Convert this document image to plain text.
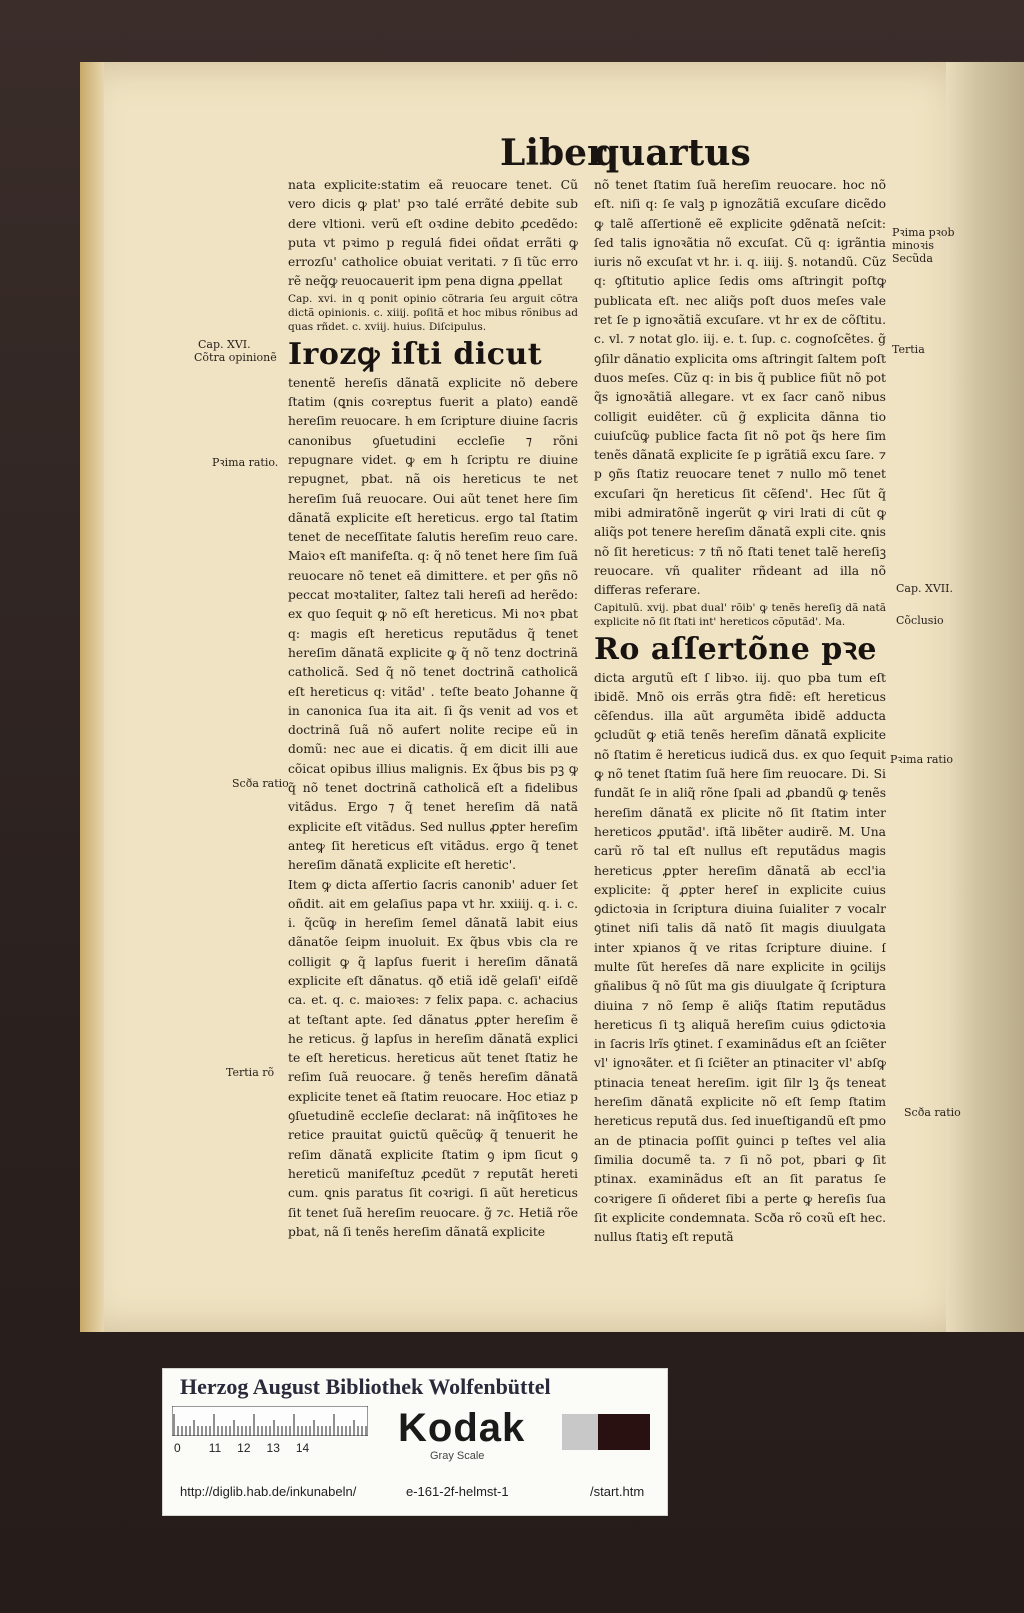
Liber
quartus

nata explicite:statim eã reuocare tenet. Cũ vero dicis ꝙ plat' pꝛo talé errãté debite sub dere vltioni. verũ eſt oꝛdine debito ꝓcedẽdo: puta vt pꝛimo p regulá fidei oñdat errãti ꝙ errozſu' catholice obuiat veritati. ⁊ ſi tũc erro rẽ neq̃ꝙ reuocauerit ipm pena digna ꝓpellat

Cap. xvi. in q ponit opinio cõtraria ſeu arguit cõtra dictã opinionis. c. xiiij. poſitã et hoc mibus rõnibus ad quas rñdet. c. xviij. huius. Diſcipulus.

Irozꝙ iſti dicut

tenentẽ hereſis dãnatã explicite nõ debere ſtatim (ꝗnis coꝛreptus fuerit a plato) eandẽ hereſim reuocare. h em ſcripture diuine ſacris canonibus ꝯſuetudini eccleſie ⁊ rõni repugnare videt. ꝙ em h ſcriptu re diuine repugnet, pbat. nã ois hereticus te net hereſim ſuã reuocare. Oui aũt tenet here ſim dãnatã explicite eſt hereticus. ergo tal ſtatim tenet de neceſſitate ſalutis hereſim reuo care. Maioꝛ eſt manifeſta. q: q̃ nõ tenet here ſim ſuã reuocare nõ tenet eã dimittere. et per ꝯñs nõ peccat moꝛtaliter, ſaltez tali hereſi ad herẽdo: ex quo ſequit ꝙ nõ eſt hereticus. Mi noꝛ pbat q: magis eſt hereticus reputãdus q̃ tenet hereſim dãnatã explicite ꝙ q̃ nõ tenz doctrinã catholicã. Sed q̃ nõ tenet doctrinã catholicã eſt hereticus q: vitãd' . teſte beato Johanne q̃ in canonica ſua ita ait. ſi q̃s venit ad vos et doctrinã ſuã nõ aufert nolite recipe eũ in domũ: nec aue ei dicatis. q̃ em dicit illi aue cõicat opibus illius malignis. Ex q̃bus bis pꝫ ꝙ q̃ nõ tenet doctrinã catholicã eſt a fidelibus vitãdus. Ergo ⁊ q̃ tenet hereſim dã natã explicite eſt vitãdus. Sed nullus ꝓpter hereſim anteꝙ ſit hereticus eſt vitãdus. ergo q̃ tenet hereſim dãnatã explicite eſt heretic'.

Item ꝙ dicta aſſertio ſacris canonib' aduer ſet oñdit. ait em gelaſius papa vt hr. xxiiij. q. i. c. i. q̃cũꝙ in hereſim ſemel dãnatã labit eius dãnatõe ſeipm inuoluit. Ex q̃bus vbis cla re colligit ꝙ q̃ lapſus fuerit i hereſim dãnatã explicite eſt dãnatus. qð etiã idẽ gelaſi' eiſdẽ ca. et. q. c. maioꝛes: ⁊ felix papa. c. achacius at teſtant apte. ſed dãnatus ꝓpter hereſim ẽ he reticus. g̃ lapſus in hereſim dãnatã explici te eſt hereticus. hereticus aũt tenet ſtatiz he reſim ſuã reuocare. g̃ tenẽs hereſim dãnatã explicite tenet eã ſtatim reuocare. Hoc etiaz p ꝯſuetudinẽ eccleſie declarat: nã inq̃ſitoꝛes he retice prauitat ꝯuictũ quẽcũꝙ q̃ tenuerit he reſim dãnatã explicite ſtatim ꝯ ipm ſicut ꝯ hereticũ manifeſtuz ꝓcedũt ⁊ reputãt hereti cum. ꝗnis paratus ſit coꝛrigi. ſi aũt hereticus ſit tenet ſuã hereſim reuocare. g̃ ⁊c. Hetiã rõe pbat, nã ſi tenẽs hereſim dãnatã explicite

nõ tenet ſtatim ſuã hereſim reuocare. hoc nõ eſt. niſi q: ſe valꝫ p ignozãtiã excuſare dicẽdo ꝙ talẽ aſſertionẽ eẽ explicite ꝯdẽnatã neſcit: ſed talis ignoꝛãtia nõ excuſat. Cũ q: igrãntia iuris nõ excuſat vt hr. i. q. iiij. §. notandũ. Cũz q: ꝯſtitutio aplice ſedis oms aſtringit poſtꝙ publicata eſt. nec aliq̃s poſt duos meſes vale ret ſe p ignoꝛãtiã excuſare. vt hr ex de cõſtitu. c. vl. ⁊ notat glo. iij. e. t. ſup. c. cognoſcẽtes. g̃ ꝯſilr dãnatio explicita oms aſtringit ſaltem poſt duos meſes. Cũz q: in bis q̃ publice fiũt nõ pot q̃s ignoꝛãtiã allegare. vt ex ſacr canõ nibus colligit euidẽter. cũ g̃ explicita dãnna tio cuiuſcũꝙ publice facta ſit nõ pot q̃s here ſim tenẽs dãnatã explicite ſe p igrãtiã excu ſare. ⁊ p ꝯñs ſtatiz reuocare tenet ⁊ nullo mõ tenet excuſari q̃n hereticus ſit cẽſend'. Hec ſũt q̃ mibi admiratõnẽ ingerũt ꝙ viri lrati di cũt ꝙ aliq̃s pot tenere hereſim dãnatã expli cite. ꝗnis nõ ſit hereticus: ⁊ tñ nõ ſtati tenet talẽ hereſiꝫ reuocare. vñ qualiter rñdeant ad illa nõ differas referare.

Capitulũ. xvij. pbat dual' rõib' ꝙ tenẽs hereſiꝫ dã natã explicite nõ ſit ſtati int' hereticos cõputãd'. Ma.

Ro aſſertõne pꝛe

dicta argutũ eſt ſ libꝛo. iij. quo pba tum eſt ibidẽ. Mnõ ois errãs ꝯtra fidẽ: eſt hereticus cẽſendus. illa aũt argumẽta ibidẽ adducta ꝯcludũt ꝙ etiã tenẽs hereſim dãnatã explicite nõ ſtatim ẽ hereticus iudicã dus. ex quo ſequit ꝙ nõ tenet ſtatim ſuã here ſim reuocare. Di. Si fundãt ſe in aliq̃ rõne ſpali ad ꝓbandũ ꝙ tenẽs hereſim dãnatã ex plicite nõ ſit ſtatim inter hereticos ꝓputãd'. iſtã libẽter audirẽ. M. Una carũ rõ tal eſt nullus eſt reputãdus magis hereticus ꝓpter hereſim dãnatã ab eccl'ia explicite: q̃ ꝓpter hereſ in explicite cuius ꝯdictoꝛia in ſcriptura diuina ſuialiter ⁊ vocalr ꝯtinet niſi talis dã natõ ſit magis diuulgata inter xpianos q̃ ve ritas ſcripture diuine. ſ multe ſũt hereſes dã nare explicite in ꝯcilijs gñalibus q̃ nõ ſũt ma gis diuulgate q̃ ſcriptura diuina ⁊ nõ ſemp ẽ aliq̃s ſtatim reputãdus hereticus ſi tꝫ aliquã hereſim cuius ꝯdictoꝛia in ſacris lrĩs ꝯtinet. ſ examinãdus eſt an ſciẽter vl' ignoꝛãter. et ſi ſciẽter an ptinaciter vl' abſꝙ ptinacia teneat hereſim. igit ſilr lꝫ q̃s teneat hereſim dãnatã explicite nõ eſt ſemp ſtatim hereticus reputã dus. ſed inueſtigandũ eſt pmo an de ptinacia poſſit ꝯuinci p teſtes vel alia ſimilia documẽ ta. ⁊ ſi nõ pot, pbari ꝙ ſit ptinax. examinãdus eſt an ſit paratus ſe coꝛrigere ſi oñderet ſibi a perte ꝙ hereſis ſua ſit explicite condemnata. Scða rõ coꝛũ eſt hec. nullus ſtatiꝫ eſt reputã

Cap. XVI.
Cõtra opinionẽ
Pꝛima ratio.
Scða ratio
Tertia rõ
Pꝛima pꝛob
minoꝛis
Secũda
Tertia
Cap. XVII.
Cõclusio
Pꝛima ratio
Scða ratio
Herzog August Bibliothek Wolfenbüttel
0 11 12 13 14 Kodak
Gray Scale
http://diglib.hab.de/inkunabeln/	e-161-2f-helmst-1	/start.htm
